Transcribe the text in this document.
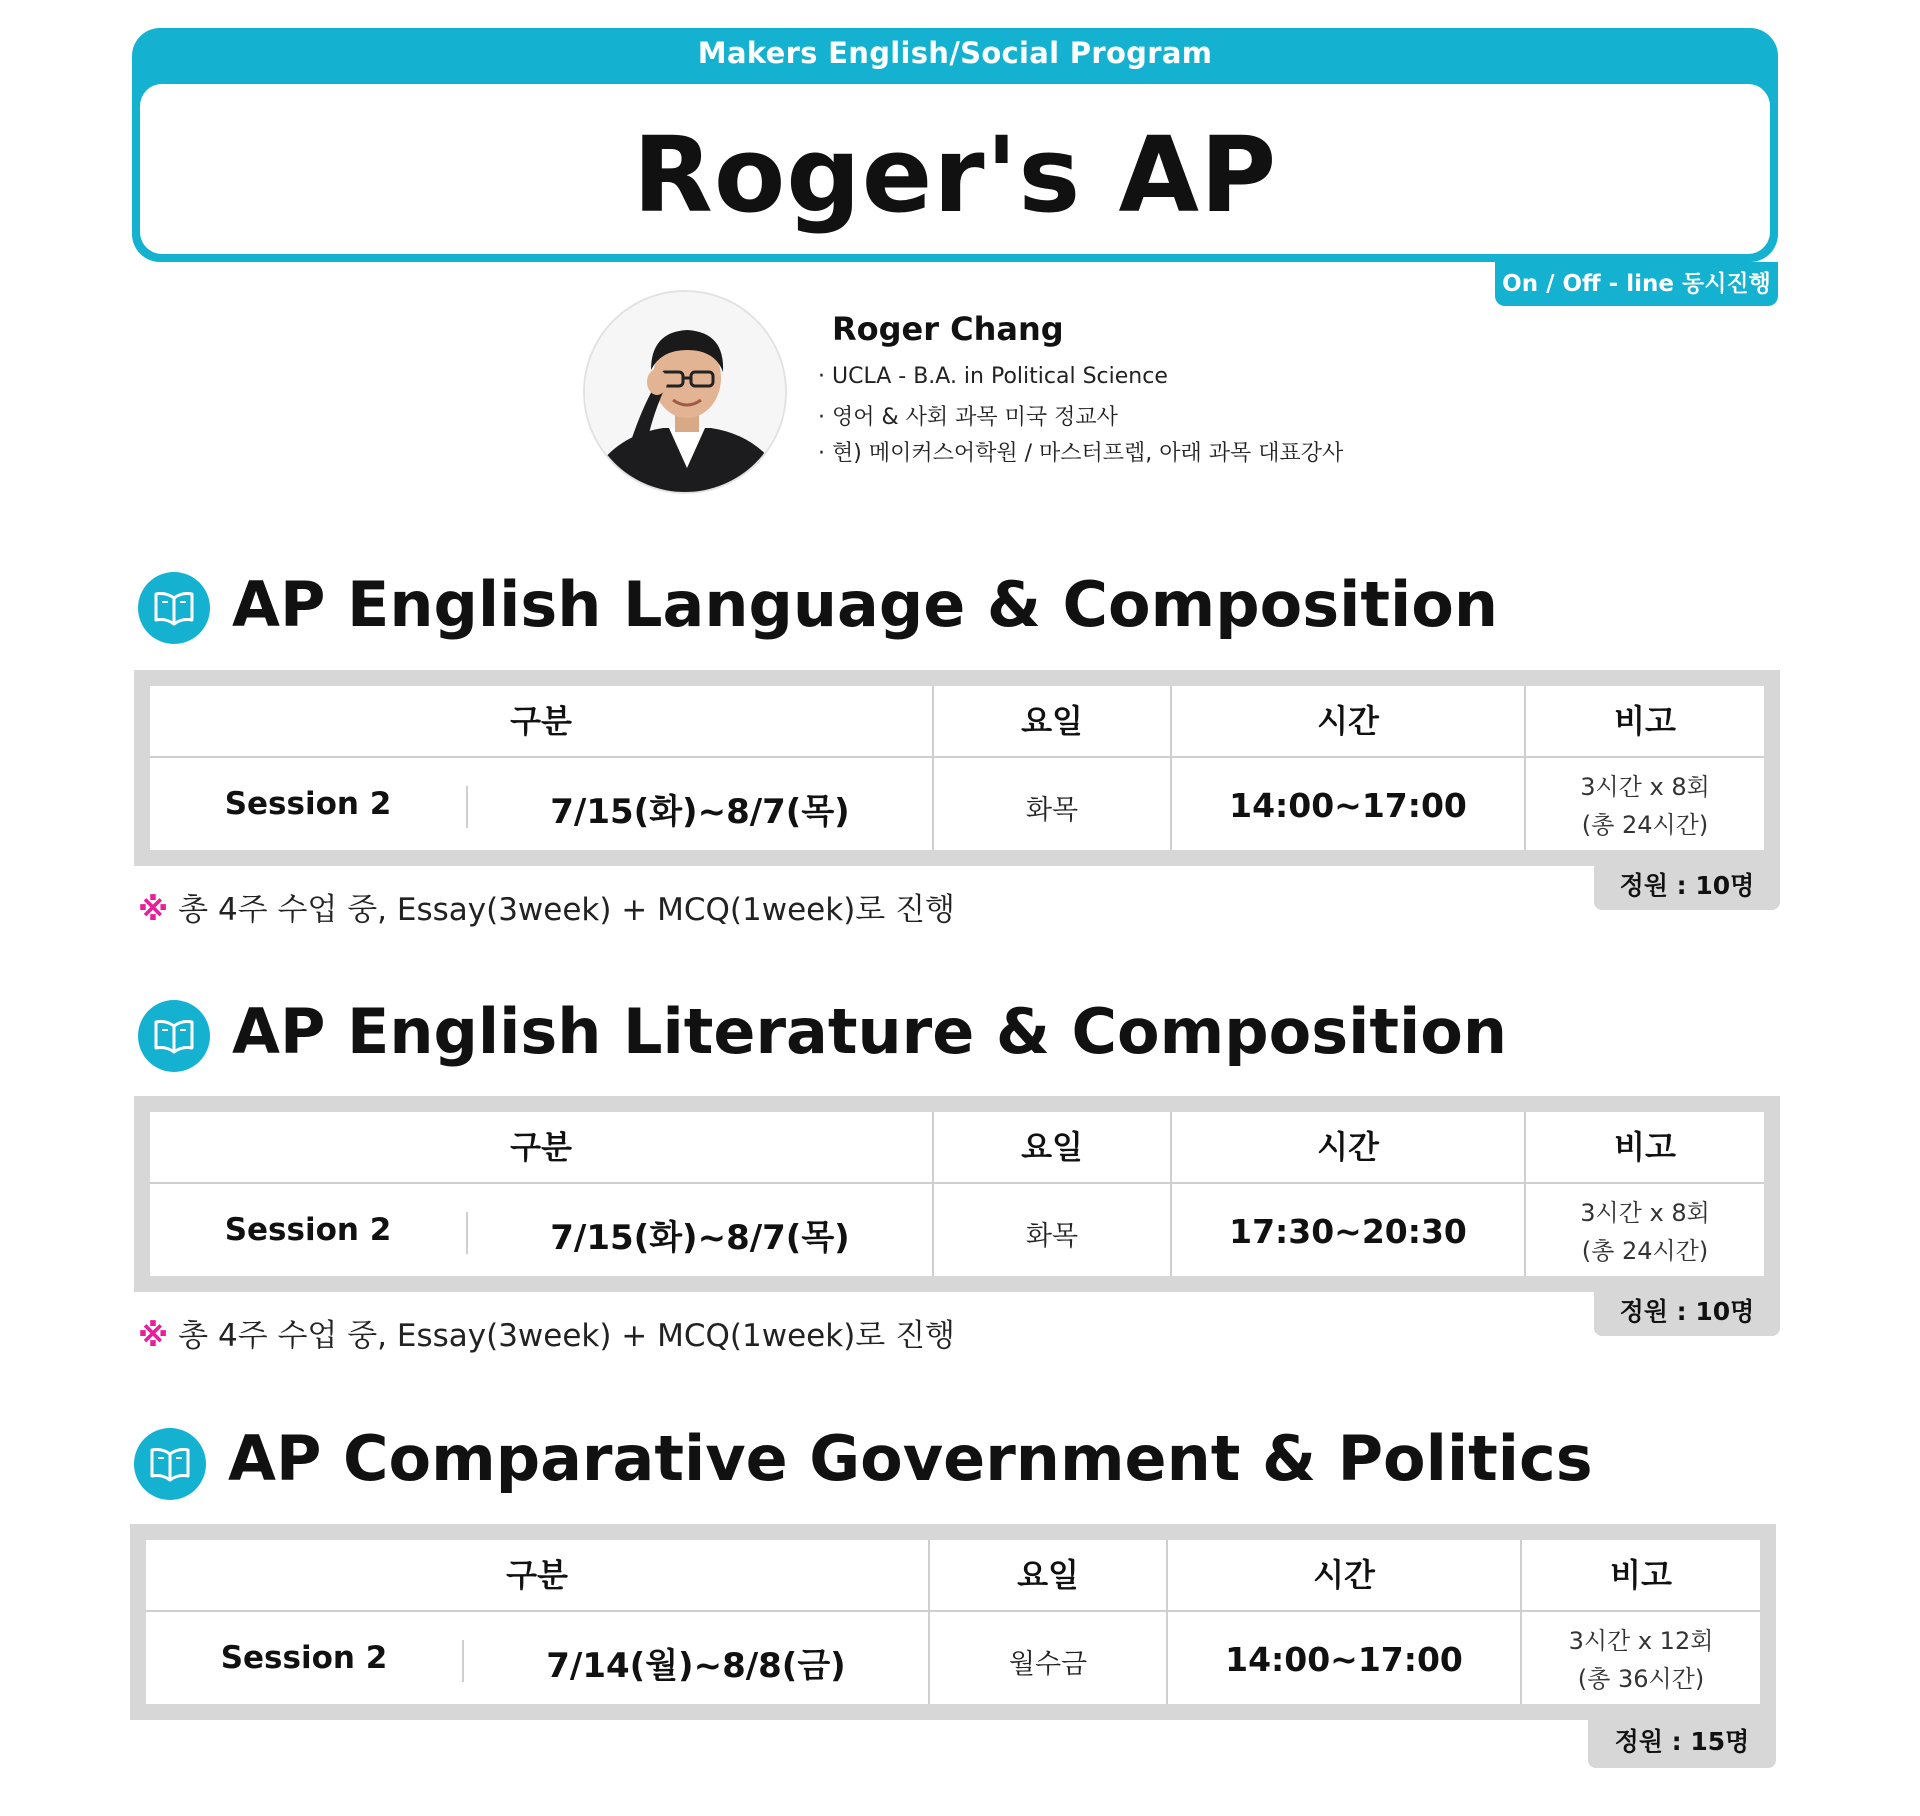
Makers English/Social Program
Roger's AP
On / Off - line 동시진행
Roger Chang
· UCLA - B.A. in Political Science
· 영어 & 사회 과목 미국 정교사
· 현) 메이커스어학원 / 마스터프렙, 아래 과목 대표강사
AP English Language & Composition
구분	요일	시간	비고
Session 2	7/15(화)~8/7(목)	화목	14:00~17:00	3시간 x 8회
(총 24시간)
정원 : 10명
※ 총 4주 수업 중, Essay(3week) + MCQ(1week)로 진행
AP English Literature & Composition
구분	요일	시간	비고
Session 2	7/15(화)~8/7(목)	화목	17:30~20:30	3시간 x 8회
(총 24시간)
정원 : 10명
※ 총 4주 수업 중, Essay(3week) + MCQ(1week)로 진행
AP Comparative Government & Politics
구분	요일	시간	비고
Session 2	7/14(월)~8/8(금)	월수금	14:00~17:00	3시간 x 12회
(총 36시간)
정원 : 15명
